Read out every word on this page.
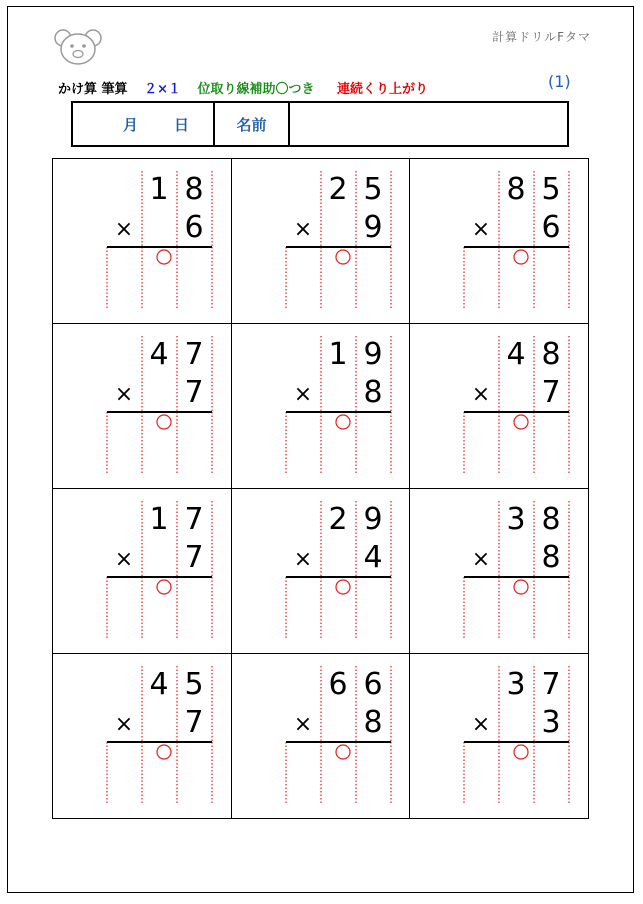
計算ドリルFタマ
かけ算 筆算 ２×１ 位取り線補助〇つき 連続くり上がり	(1)
月 日	名前
1 8
6
×
2 5
9
×
8 5
6
×
4 7
7
×
1 9
8
×
4 8
7
×
1 7
7
×
2 9
4
×
3 8
8
×
4 5
7
×
6 6
8
×
3 7
3
×
